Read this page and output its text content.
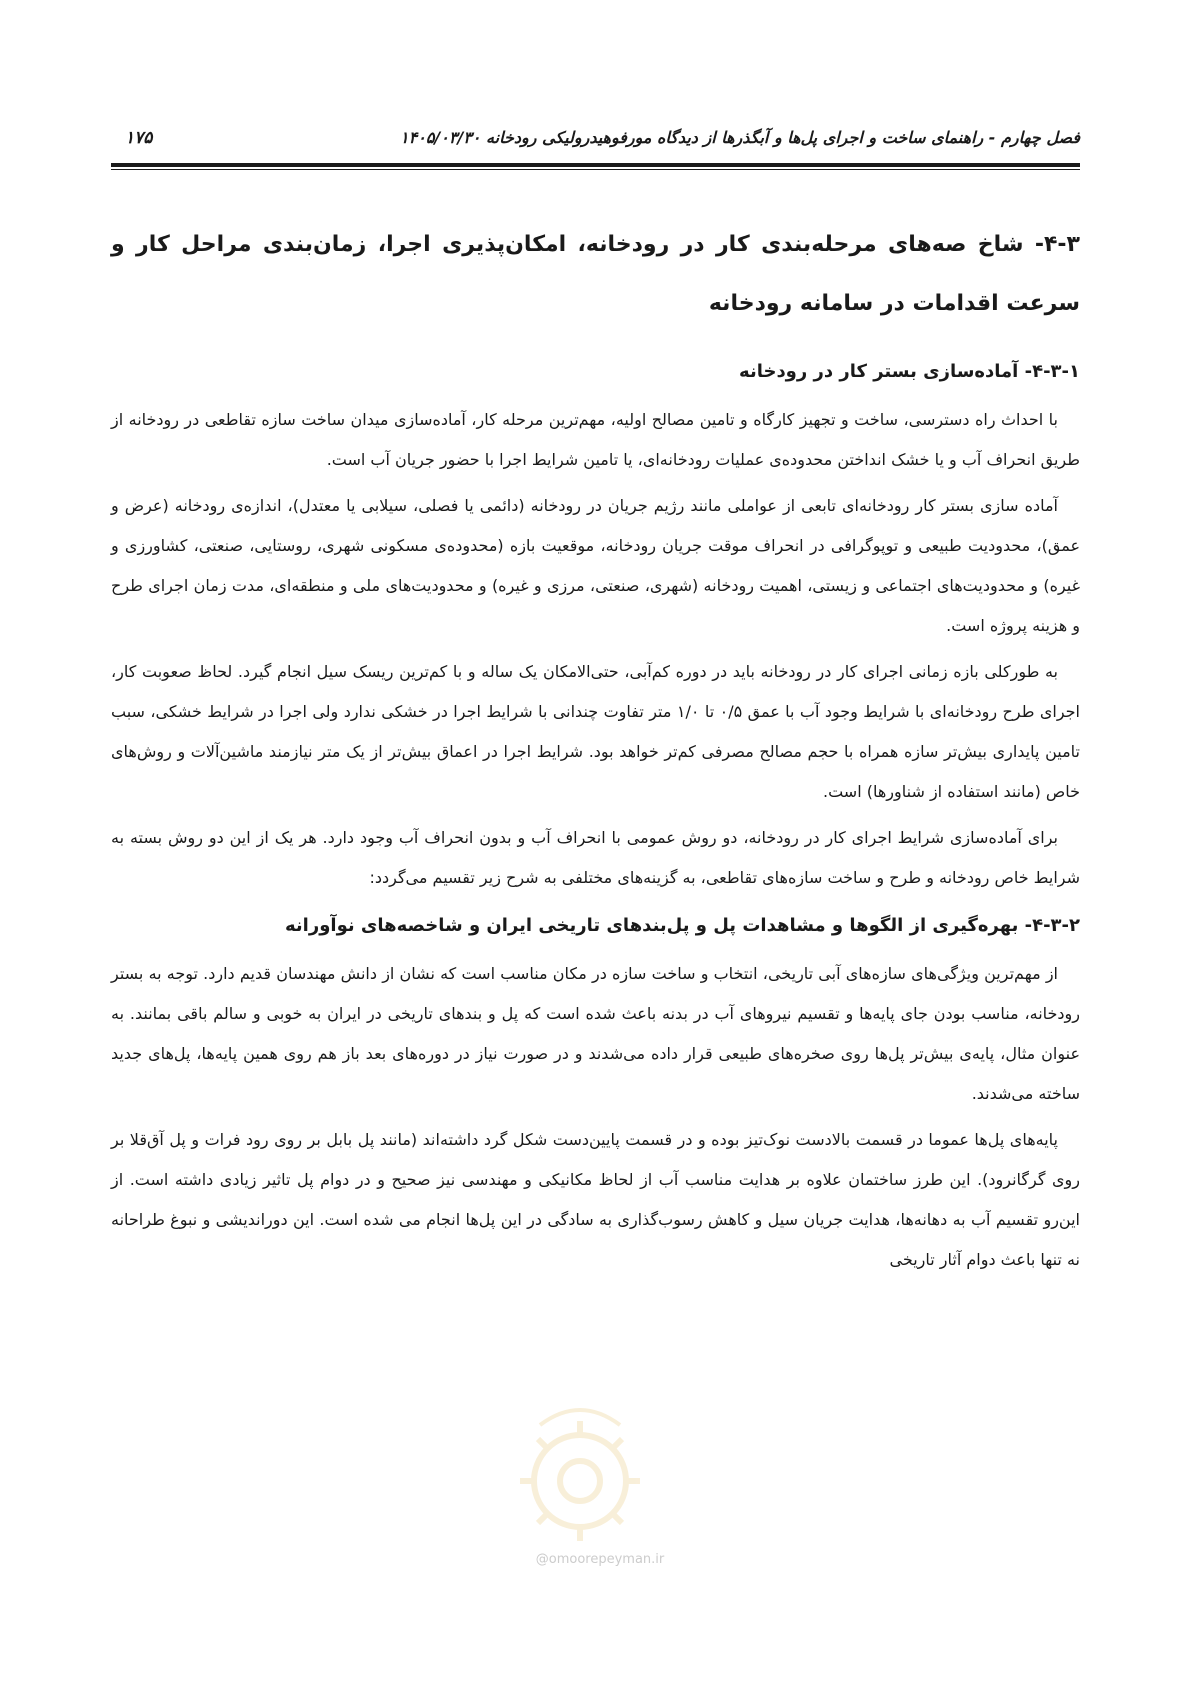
فصل چهارم - راهنمای ساخت و اجرای پل‌ها و آبگذرها از دیدگاه مورفوهیدرولیکی رودخانه ۱۴۰۵/۰۳/۳۰
۱۷۵
@omoorepeyman.ir
۴-۳- شاخ صه‌های مرحله‌بندی کار در رودخانه، امکان‌پذیری اجرا، زمان‌بندی مراحل کار و سرعت اقدامات در سامانه رودخانه
۴-۳-۱- آماده‌سازی بستر کار در رودخانه

با احداث راه دسترسی، ساخت و تجهیز کارگاه و تامین مصالح اولیه، مهم‌ترین مرحله کار، آماده‌سازی میدان ساخت سازه تقاطعی در رودخانه از طریق انحراف آب و یا خشک انداختن محدوده‌ی عملیات رودخانه‌ای، یا تامین شرایط اجرا با حضور جریان آب است.

آماده سازی بستر کار رودخانه‌ای تابعی از عواملی مانند رژیم جریان در رودخانه (دائمی یا فصلی، سیلابی یا معتدل)، اندازه‌ی رودخانه (عرض و عمق)، محدودیت طبیعی و توپوگرافی در انحراف موقت جریان رودخانه، موقعیت بازه (محدوده‌ی مسکونی شهری، روستایی، صنعتی، کشاورزی و غیره) و محدودیت‌های اجتماعی و زیستی، اهمیت رودخانه (شهری، صنعتی، مرزی و غیره) و محدودیت‌های ملی و منطقه‌ای، مدت زمان اجرای طرح و هزینه پروژه است.

به طورکلی بازه زمانی اجرای کار در رودخانه باید در دوره کم‌آبی، حتی‌الامکان یک ساله و با کم‌ترین ریسک سیل انجام گیرد. لحاظ صعوبت کار، اجرای طرح رودخانه‌ای با شرایط وجود آب با عمق ۰/۵ تا ۱/۰ متر تفاوت چندانی با شرایط اجرا در خشکی ندارد ولی اجرا در شرایط خشکی، سبب تامین پایداری بیش‌تر سازه همراه با حجم مصالح مصرفی کم‌تر خواهد بود. شرایط اجرا در اعماق بیش‌تر از یک متر نیازمند ماشین‌آلات و روش‌های خاص (مانند استفاده از شناورها) است.

برای آماده‌سازی شرایط اجرای کار در رودخانه، دو روش عمومی با انحراف آب و بدون انحراف آب وجود دارد. هر یک از این دو روش بسته به شرایط خاص رودخانه و طرح و ساخت سازه‌های تقاطعی، به گزینه‌های مختلفی به شرح زیر تقسیم می‌گردد:

۴-۳-۲- بهره‌گیری از الگوها و مشاهدات پل و پل‌بندهای تاریخی ایران و شاخصه‌های نوآورانه

از مهم‌ترین ویژگی‌های سازه‌های آبی تاریخی، انتخاب و ساخت سازه در مکان مناسب است که نشان از دانش مهندسان قدیم دارد. توجه به بستر رودخانه، مناسب بودن جای پایه‌ها و تقسیم نیروهای آب در بدنه باعث شده است که پل و بندهای تاریخی در ایران به خوبی و سالم باقی بمانند. به عنوان مثال، پایه‌ی بیش‌تر پل‌ها روی صخره‌های طبیعی قرار داده می‌شدند و در صورت نیاز در دوره‌های بعد باز هم روی همین پایه‌ها، پل‌های جدید ساخته می‌شدند.

پایه‌های پل‌ها عموما در قسمت بالادست نوک‌تیز بوده و در قسمت پایین‌دست شکل گرد داشته‌اند (مانند پل بابل بر روی رود فرات و پل آق‌قلا بر روی گرگانرود). این طرز ساختمان علاوه بر هدایت مناسب آب از لحاظ مکانیکی و مهندسی نیز صحیح و در دوام پل تاثیر زیادی داشته است. از این‌رو تقسیم آب به دهانه‌ها، هدایت جریان سیل و کاهش رسوب‌گذاری به سادگی در این پل‌ها انجام می شده است. این دوراندیشی و نبوغ طراحانه نه تنها باعث دوام آثار تاریخی
